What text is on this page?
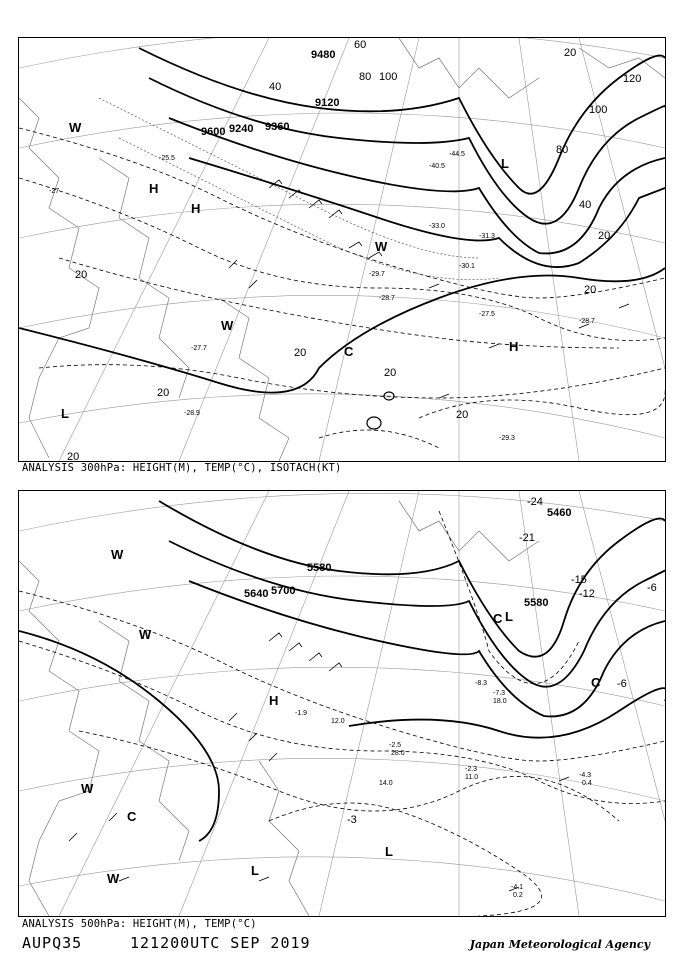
9480
9120
9360
9600 9240
20
40
60
80 100	120
100
80
40
20
20
20
20
20
20
20
20
-30.1
-31.3
-33.0
-40.5
-44.5
-28.7
-29.7
-29.3
-28.9
-27.5
-25.5
-27.7
-28.7
-27	H
H
L
W
W
L
H
C
W
ANALYSIS 300hPa: HEIGHT(M), TEMP(°C), ISOTACH(KT)
5580
5460
5580
5640 5700
-3
-6
-6
-12
-15
-21
-24
-4.3
-4.1
-2.3
-7.3
-8.3
-2.5
-1.9
0.4
0.2
11.0
14.0
28.0
18.0
12.0
W
W
W
C
L
L
C
L
H
C
W
ANALYSIS 500hPa: HEIGHT(M), TEMP(°C)
AUPQ35	121200UTC SEP 2019	Japan Meteorological Agency
